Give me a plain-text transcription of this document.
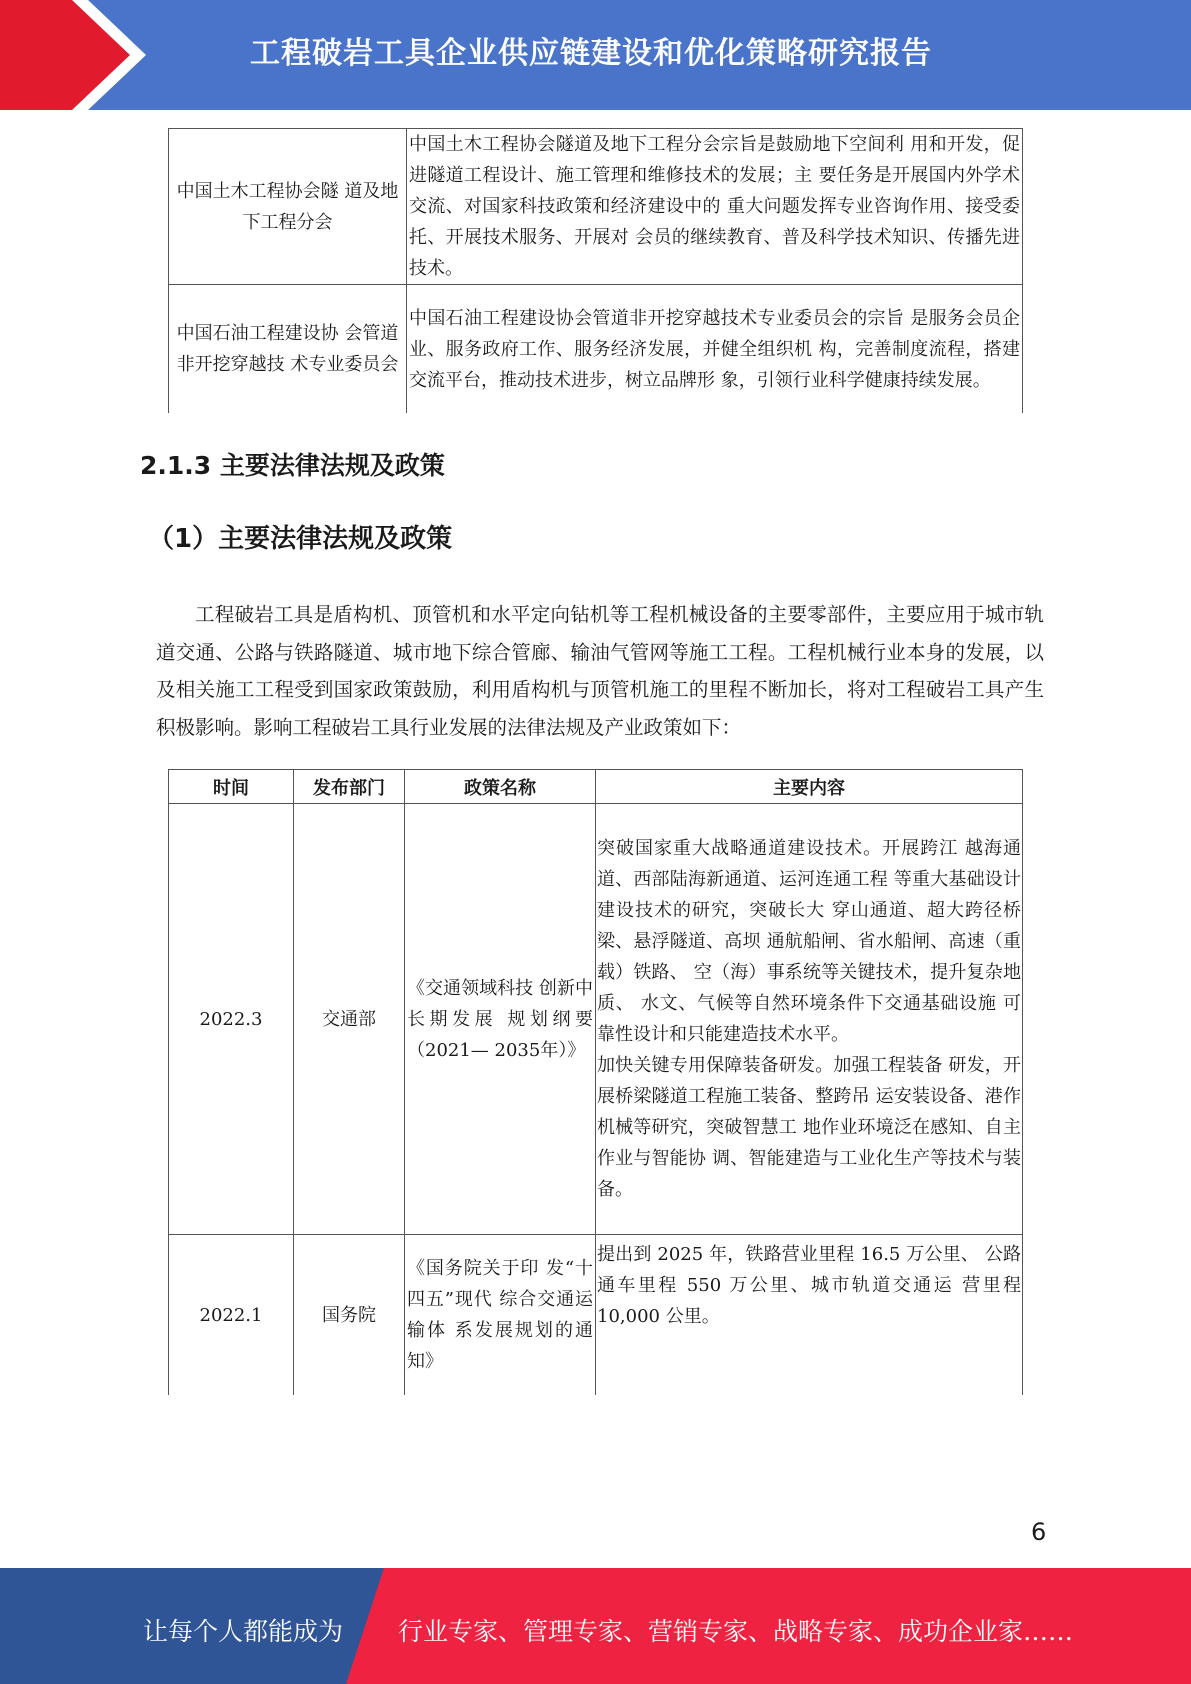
工程破岩工具企业供应链建设和优化策略研究报告
中国土木工程协会隧 道及地下工程分会	中国土木工程协会隧道及地下工程分会宗旨是鼓励地下空间利 用和开发，促进隧道工程设计、施工管理和维修技术的发展；主 要任务是开展国内外学术交流、对国家科技政策和经济建设中的 重大问题发挥专业咨询作用、接受委托、开展技术服务、开展对 会员的继续教育、普及科学技术知识、传播先进技术。
中国石油工程建设协 会管道非开挖穿越技 术专业委员会	中国石油工程建设协会管道非开挖穿越技术专业委员会的宗旨 是服务会员企业、服务政府工作、服务经济发展，并健全组织机 构，完善制度流程，搭建交流平台，推动技术进步，树立品牌形 象，引领行业科学健康持续发展。
2.1.3 主要法律法规及政策
（1）主要法律法规及政策
工程破岩工具是盾构机、顶管机和水平定向钻机等工程机械设备的主要零部件，主要应用于城市轨道交通、公路与铁路隧道、城市地下综合管廊、输油气管网等施工工程。工程机械行业本身的发展，以及相关施工工程受到国家政策鼓励，利用盾构机与顶管机施工的里程不断加长，将对工程破岩工具产生积极影响。影响工程破岩工具行业发展的法律法规及产业政策如下：
时间	发布部门	政策名称	主要内容
2022.3	交通部	《交通领域科技 创新中长期发展 规划纲要（2021— 2035年）》	突破国家重大战略通道建设技术。开展跨江 越海通道、西部陆海新通道、运河连通工程 等重大基础设计建设技术的研究，突破长大 穿山通道、超大跨径桥梁、悬浮隧道、高坝 通航船闸、省水船闸、高速（重载）铁路、 空（海）事系统等关键技术，提升复杂地质、 水文、气候等自然环境条件下交通基础设施 可靠性设计和只能建造技术水平。
加快关键专用保障装备研发。加强工程装备 研发，开展桥梁隧道工程施工装备、整跨吊 运安装设备、港作机械等研究，突破智慧工 地作业环境泛在感知、自主作业与智能协 调、智能建造与工业化生产等技术与装备。

2022.1	国务院	《国务院关于印 发“十四五”现代 综合交通运输体 系发展规划的通 知》	提出到 2025 年，铁路营业里程 16.5 万公里、 公路通车里程 550 万公里、城市轨道交通运 营里程 10,000 公里。
6
让每个人都能成为 行业专家、管理专家、营销专家、战略专家、成功企业家……
